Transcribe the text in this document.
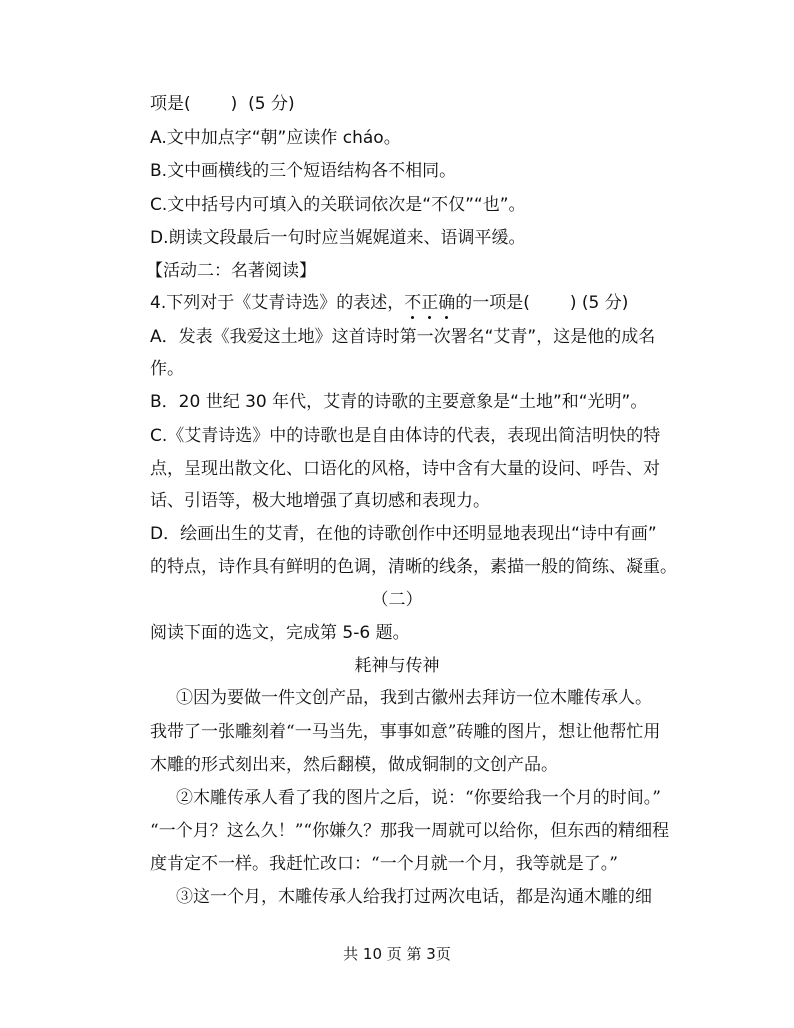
项是( ) (5 分)
A.文中加点字“朝”应读作 cháo。
B.文中画横线的三个短语结构各不相同。
C.文中括号内可填入的关联词依次是“不仅”“也”。
D.朗读文段最后一句时应当娓娓道来、语调平缓。
【活动二：名著阅读】
4.下列对于《艾青诗选》的表述，不正确的一项是( ) (5 分)
A．发表《我爱这土地》这首诗时第一次署名“艾青”，这是他的成名
作。
B．20 世纪 30 年代，艾青的诗歌的主要意象是“土地”和“光明”。
C.《艾青诗选》中的诗歌也是自由体诗的代表，表现出简洁明快的特
点，呈现出散文化、口语化的风格，诗中含有大量的设问、呼告、对
话、引语等，极大地增强了真切感和表现力。
D．绘画出生的艾青，在他的诗歌创作中还明显地表现出“诗中有画”
的特点，诗作具有鲜明的色调，清晰的线条，素描一般的简练、凝重。
（二）
阅读下面的选文，完成第 5-6 题。
耗神与传神
①因为要做一件文创产品，我到古徽州去拜访一位木雕传承人。
我带了一张雕刻着“一马当先，事事如意”砖雕的图片，想让他帮忙用
木雕的形式刻出来，然后翻模，做成铜制的文创产品。
②木雕传承人看了我的图片之后，说：“你要给我一个月的时间。”
“一个月？这么久！”“你嫌久？那我一周就可以给你，但东西的精细程
度肯定不一样。我赶忙改口：“一个月就一个月，我等就是了。”
③这一个月，木雕传承人给我打过两次电话，都是沟通木雕的细
共 10 页 第 3页
